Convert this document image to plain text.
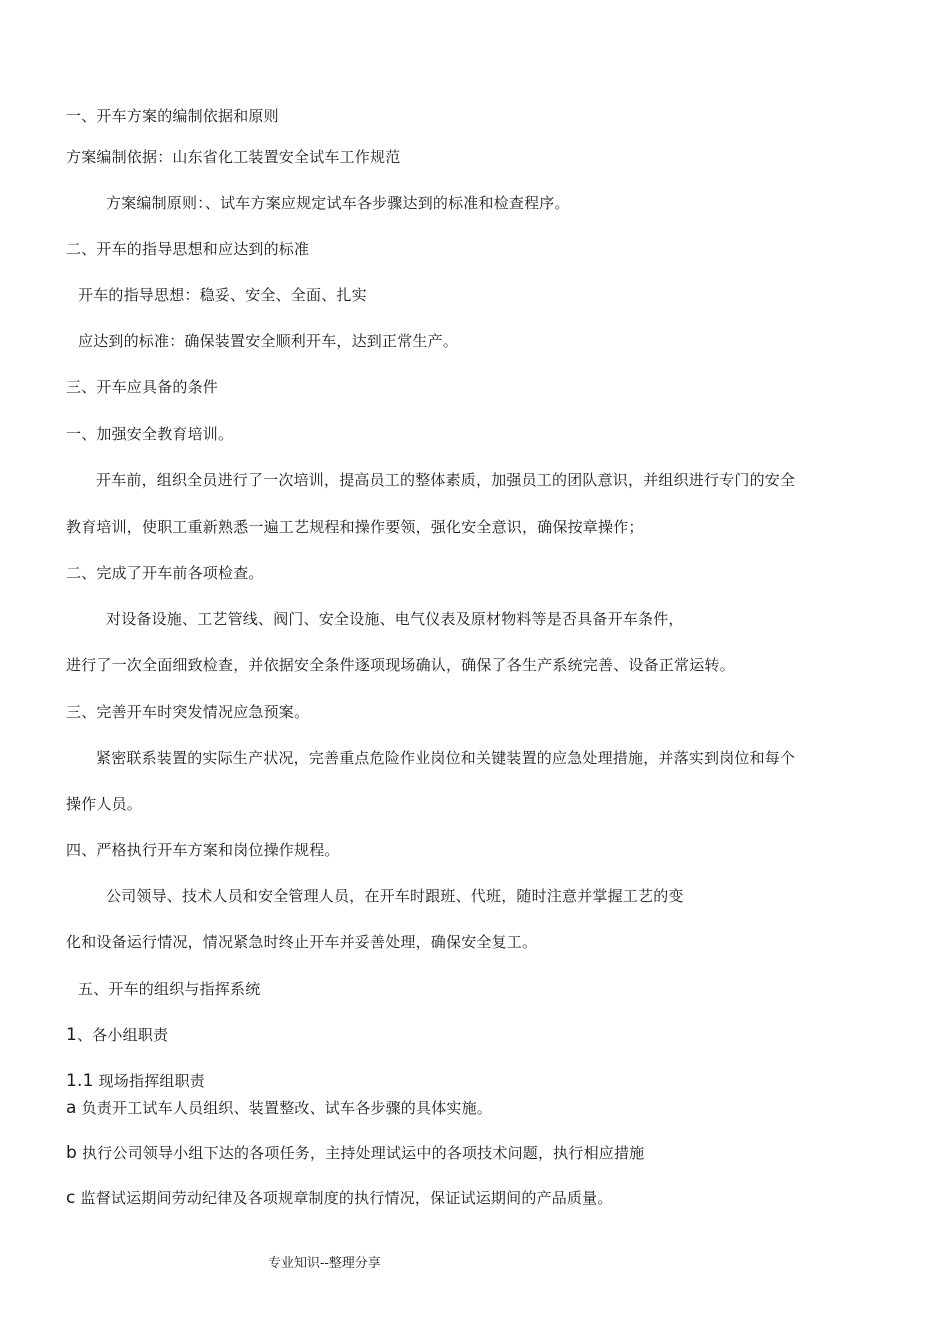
一、开车方案的编制依据和原则
方案编制依据：山东省化工装置安全试车工作规范
方案编制原则：、试车方案应规定试车各步骤达到的标准和检查程序。
二、开车的指导思想和应达到的标准
开车的指导思想：稳妥、安全、全面、扎实
应达到的标准：确保装置安全顺利开车，达到正常生产。
三、开车应具备的条件
一、加强安全教育培训。
开车前，组织全员进行了一次培训，提高员工的整体素质，加强员工的团队意识，并组织进行专门的安全
教育培训，使职工重新熟悉一遍工艺规程和操作要领，强化安全意识，确保按章操作；
二、完成了开车前各项检查。
对设备设施、工艺管线、阀门、安全设施、电气仪表及原材物料等是否具备开车条件，
进行了一次全面细致检查，并依据安全条件逐项现场确认，确保了各生产系统完善、设备正常运转。
三、完善开车时突发情况应急预案。
紧密联系装置的实际生产状况，完善重点危险作业岗位和关键装置的应急处理措施，并落实到岗位和每个
操作人员。
四、严格执行开车方案和岗位操作规程。
公司领导、技术人员和安全管理人员，在开车时跟班、代班，随时注意并掌握工艺的变
化和设备运行情况，情况紧急时终止开车并妥善处理，确保安全复工。
五、开车的组织与指挥系统
1、各小组职责
1.1 现场指挥组职责
a 负责开工试车人员组织、装置整改、试车各步骤的具体实施。
b 执行公司领导小组下达的各项任务，主持处理试运中的各项技术问题，执行相应措施
c 监督试运期间劳动纪律及各项规章制度的执行情况，保证试运期间的产品质量。
专业知识--整理分享
